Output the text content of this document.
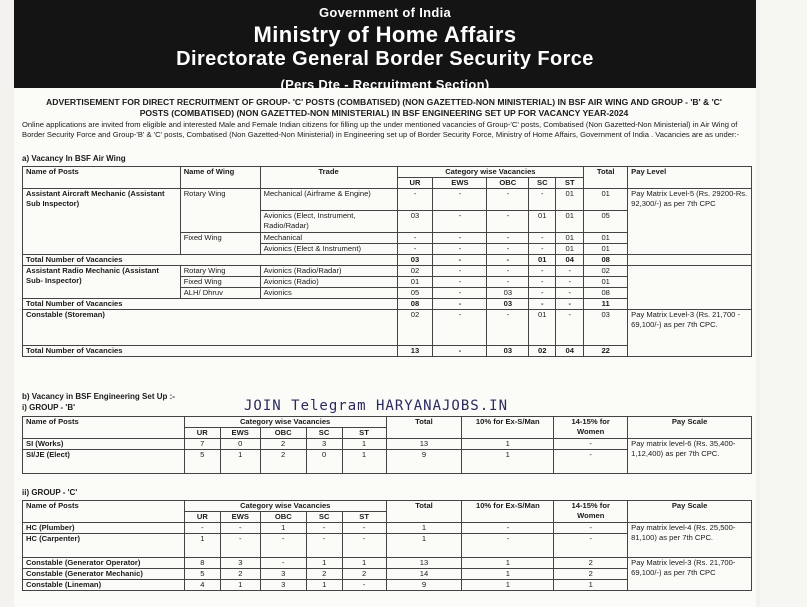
Government of India
Ministry of Home Affairs
Directorate General Border Security Force
(Pers Dte - Recruitment Section)
ADVERTISEMENT FOR DIRECT RECRUITMENT OF GROUP- 'C' POSTS (COMBATISED) (NON GAZETTED-NON MINISTERIAL) IN BSF AIR WING AND GROUP - 'B' & 'C' POSTS (COMBATISED) (NON GAZETTED-NON MINISTERIAL) IN BSF ENGINEERING SET UP FOR VACANCY YEAR-2024
Online applications are invited from eligible and interested Male and Female Indian citizens for filling up the under mentioned vacancies of Group-'C' posts, Combatised (Non Gazetted-Non Ministerial) in Air Wing of Border Security Force and Group-'B' & 'C' posts, Combatised (Non Gazetted-Non Ministerial) in Engineering set up of Border Security Force, Ministry of Home Affairs, Government of India . Vacancies are as under:-
a) Vacancy In BSF Air Wing
Name of Posts	Name of Wing	Trade	Category wise Vacancies					Total	Pay Level
			UR	EWS	OBC	SC	ST		
Assistant Aircraft Mechanic (Assistant Sub Inspector)	Rotary Wing	Mechanical (Airframe & Engine)	-	-	-	-	01	01	Pay Matrix Level-5 (Rs. 29200-Rs. 92,300/-) as per 7th CPC
		Avionics (Elect, Instrument, Radio/Radar)	03	-	-	01	01	05	
	Fixed Wing	Mechanical	-	-	-	-	01	01	
		Avionics (Elect & Instrument)	-	-	-	-	01	01	
Total Number of Vacancies			03	-	-	01	04	08	
Assistant Radio Mechanic (Assistant Sub- Inspector)	Rotary Wing	Avionics (Radio/Radar)	02	-	-	-	-	02	
	Fixed Wing	Avionics (Radio)	01	-	-	-	-	01	
	ALH/ Dhruv	Avionics	05	-	03	-	-	08	
Total Number of Vacancies			08	-	03	-	-	11	
Constable (Storeman)			02	-	-	01	-	03	Pay Matrix Level-3 (Rs. 21,700 - 69,100/-) as per 7th CPC.
Total Number of Vacancies			13	-	03	02	04	22	
b) Vacancy in BSF Engineering Set Up :-
i) GROUP - 'B'	JOIN Telegram HARYANAJOBS.IN
Name of Posts	Category wise Vacancies					Total	10% for Ex-S/Man	14-15% for Women	Pay Scale
	UR	EWS	OBC	SC	ST				
SI (Works)	7	0	2	3	1	13	1	-	Pay matrix level-6 (Rs. 35,400- 1,12,400) as per 7th CPC.
SI/JE (Elect)	5	1	2	0	1	9	1	-	
ii) GROUP - 'C'
Name of Posts	Category wise Vacancies					Total	10% for Ex-S/Man	14-15% for Women	Pay Scale
	UR	EWS	OBC	SC	ST				
HC (Plumber)	-	-	1	-	-	1	-	-	Pay matrix level-4 (Rs. 25,500- 81,100) as per 7th CPC.
HC (Carpenter)	1	-	-	-	-	1	-	-	
Constable (Generator Operator)	8	3	-	1	1	13	1	2	Pay Matrix level-3 (Rs. 21,700- 69,100/-) as per 7th CPC
Constable (Generator Mechanic)	5	2	3	2	2	14	1	2	
Constable (Lineman)	4	1	3	1	-	9	1	1	
